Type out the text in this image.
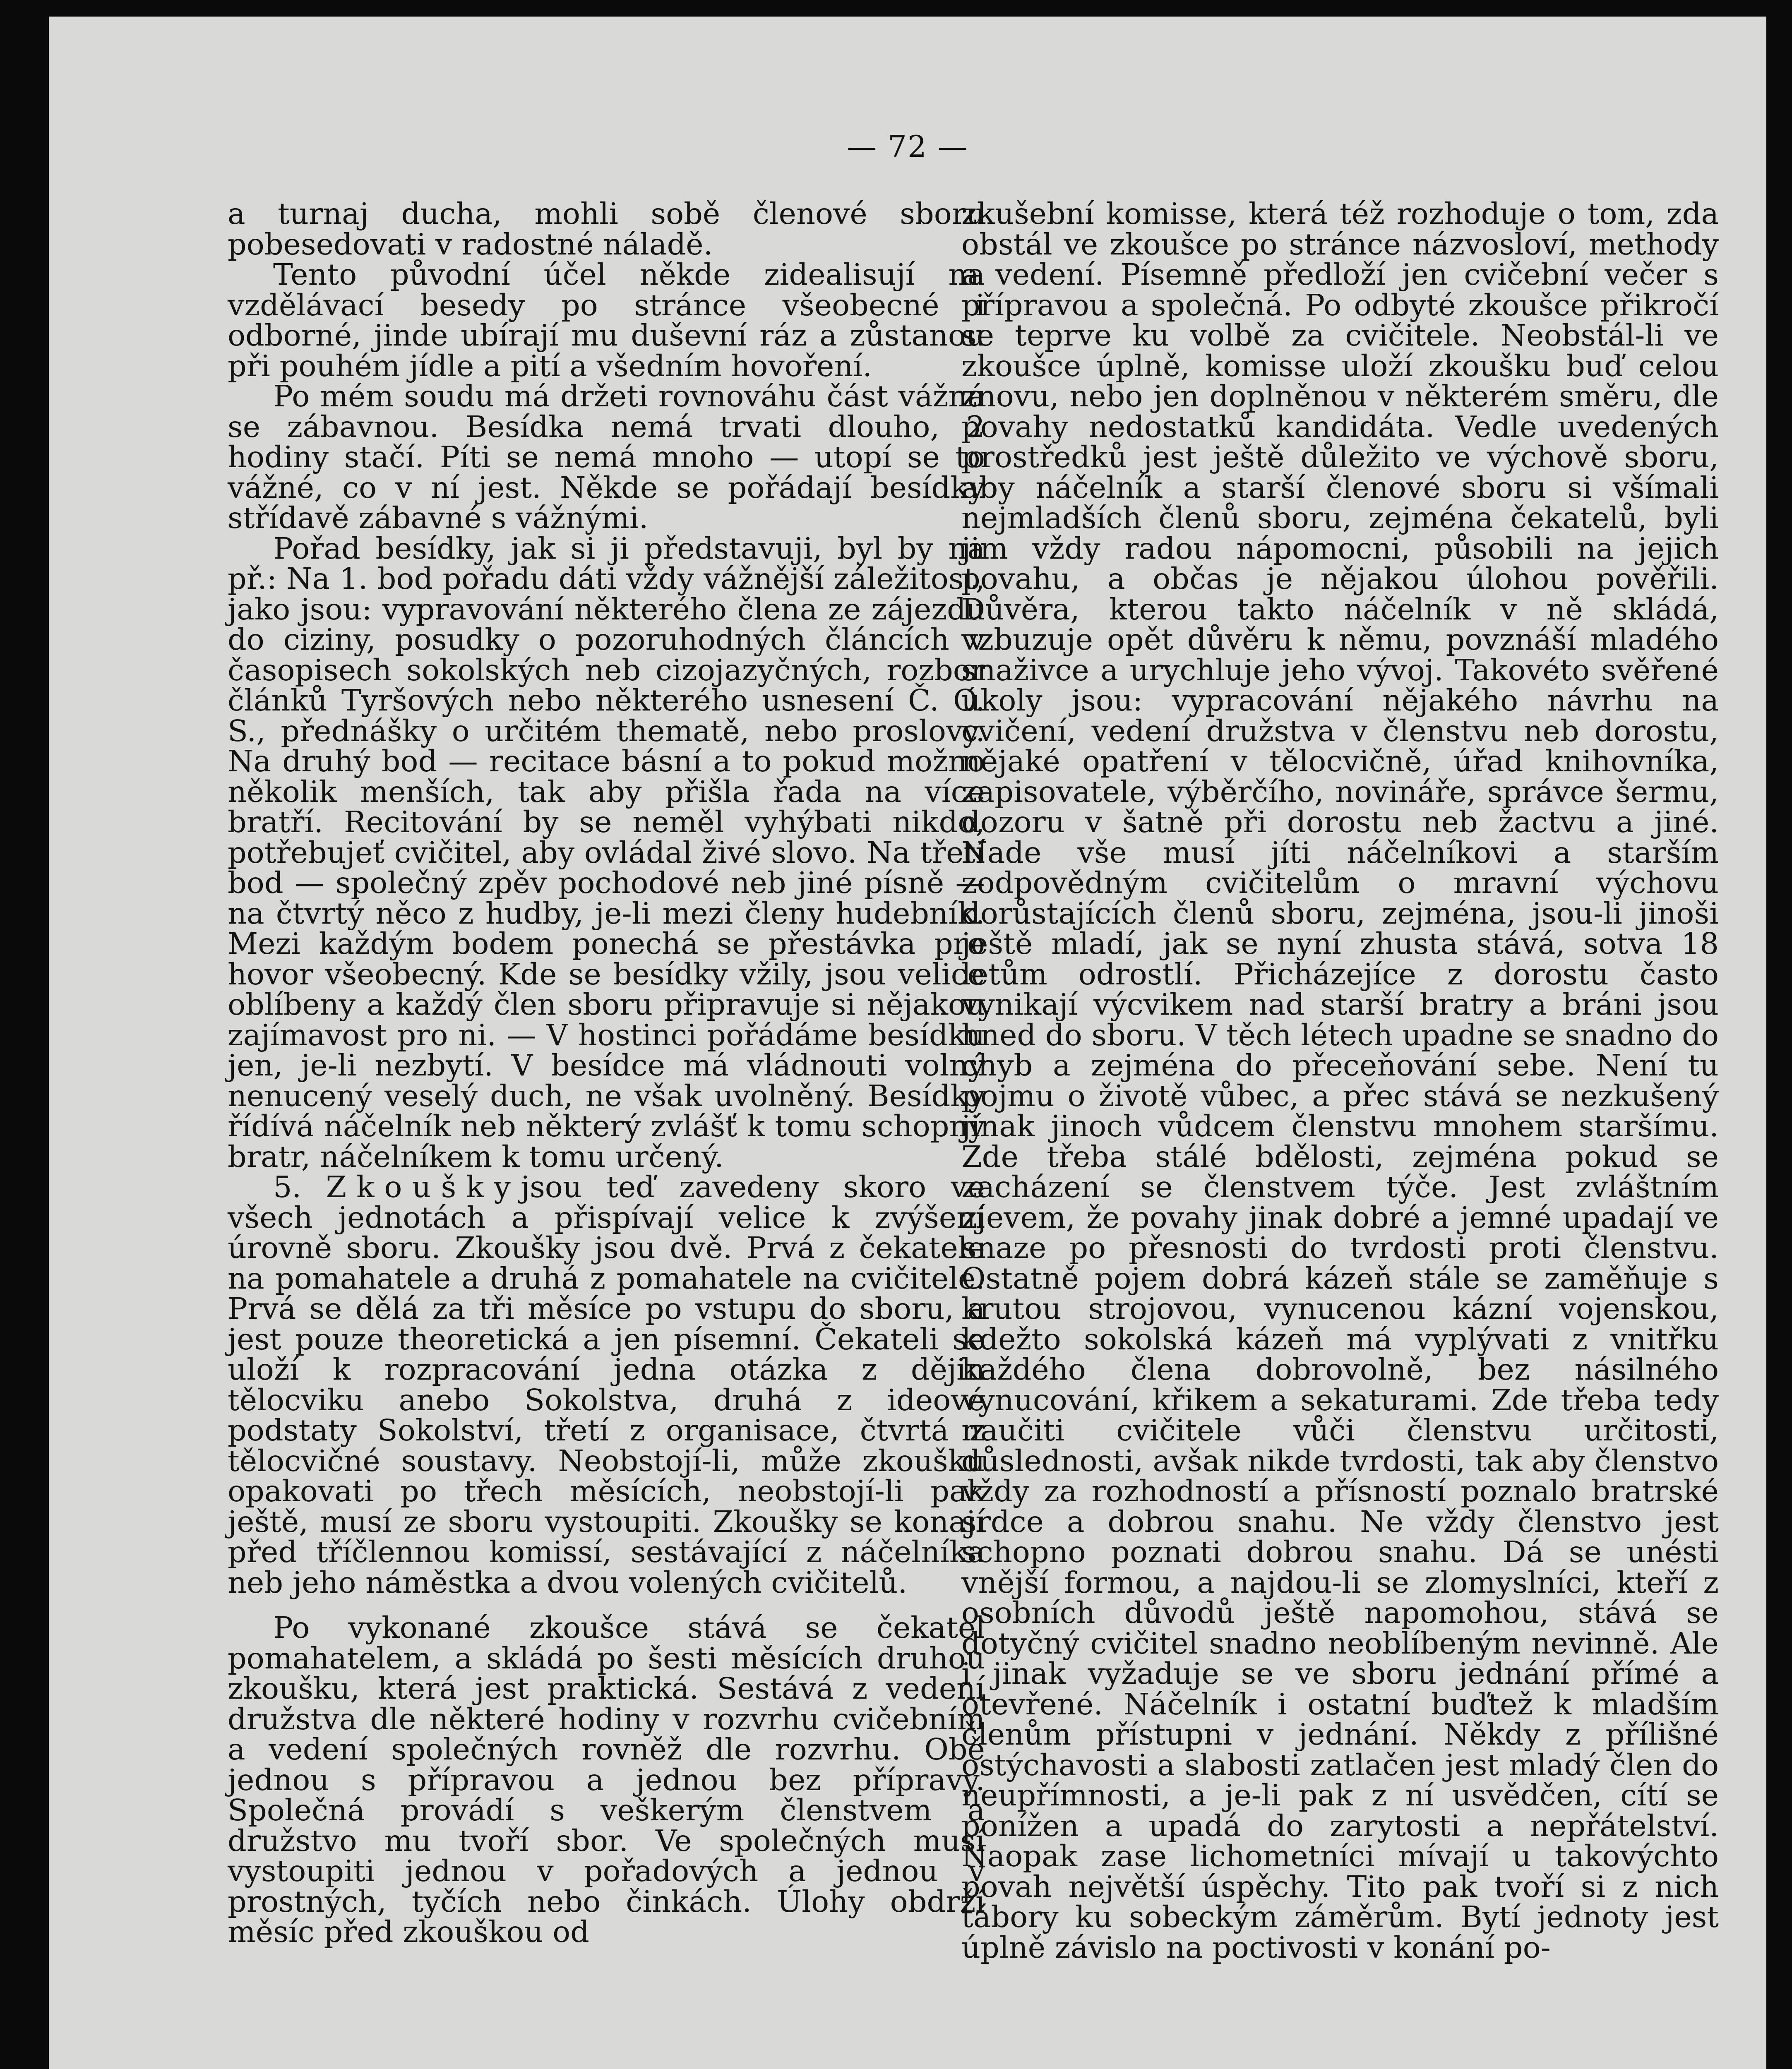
— 72 —

a turnaj ducha, mohli sobě členové sboru pobesedovati v radostné náladě.

Tento původní účel někde zidealisují na vzdělávací besedy po stránce všeobecné i odborné, jinde ubírají mu duševní ráz a zůstanou při pouhém jídle a pití a všedním hovoření.

Po mém soudu má držeti rovnováhu část vážná se zábavnou. Besídka nemá trvati dlouho, 2 hodiny stačí. Píti se nemá mnoho — utopí se to vážné, co v ní jest. Někde se pořádají besídky střídavě zábavné s vážnými.

Pořad besídky, jak si ji představuji, byl by na př.: Na 1. bod pořadu dáti vždy vážnější záležitost, jako jsou: vypravování některého člena ze zájezdu do ciziny, posudky o pozoruhodných článcích v časopisech sokolských neb cizojazyčných, rozbor článků Tyršových nebo některého usnesení Č. O. S., přednášky o určitém thematě, nebo proslovy. Na druhý bod — recitace básní a to pokud možno několik menších, tak aby přišla řada na více bratří. Recitování by se neměl vyhýbati nikdo, potřebujeť cvičitel, aby ovládal živé slovo. Na třetí bod — společný zpěv pochodové neb jiné písně — na čtvrtý něco z hudby, je-li mezi členy hudebník. Mezi každým bodem ponechá se přestávka pro hovor všeobecný. Kde se besídky vžily, jsou velice oblíbeny a každý člen sboru připravuje si nějakou zajímavost pro ni. — V hostinci pořádáme besídku jen, je-li nezbytí. V besídce má vládnouti volný nenucený veselý duch, ne však uvolněný. Besídky řídívá náčelník neb některý zvlášť k tomu schopný bratr, náčelníkem k tomu určený.

5. Zkouškyjsou teď zavedeny skoro ve všech jednotách a přispívají velice k zvýšení úrovně sboru. Zkoušky jsou dvě. Prvá z čekatele na pomahatele a druhá z pomahatele na cvičitele. Prvá se dělá za tři měsíce po vstupu do sboru, a jest pouze theoretická a jen písemní. Čekateli se uloží k rozpracování jedna otázka z dějin tělocviku anebo Sokolstva, druhá z ideové podstaty Sokolství, třetí z organisace, čtvrtá z tělocvičné soustavy. Neobstojí-li, může zkoušku opakovati po třech měsících, neobstojí-li pak ještě, musí ze sboru vystoupiti. Zkoušky se konají před tříčlennou komissí, sestávající z náčelníka neb jeho náměstka a dvou volených cvičitelů.

Po vykonané zkoušce stává se čekatel pomahatelem, a skládá po šesti měsících druhou zkoušku, která jest praktická. Sestává z vedení družstva dle některé hodiny v rozvrhu cvičebním a vedení společných rovněž dle rozvrhu. Obě jednou s přípravou a jednou bez přípravy. Společná provádí s veškerým členstvem a družstvo mu tvoří sbor. Ve společných musí vystoupiti jednou v pořadových a jednou v prostných, tyčích nebo činkách. Úlohy obdrží měsíc před zkouškou od

zkušební komisse, která též rozhoduje o tom, zda obstál ve zkoušce po stránce názvosloví, methody a vedení. Písemně předloží jen cvičební večer s přípravou a společná. Po odbyté zkoušce přikročí se teprve ku volbě za cvičitele. Neobstál-li ve zkoušce úplně, komisse uloží zkoušku buď celou znovu, nebo jen doplněnou v některém směru, dle povahy nedostatků kandidáta. Vedle uvedených prostředků jest ještě důležito ve výchově sboru, aby náčelník a starší členové sboru si všímali nejmladších členů sboru, zejména čekatelů, byli jim vždy radou nápomocni, působili na jejich povahu, a občas je nějakou úlohou pověřili. Důvěra, kterou takto náčelník v ně skládá, vzbuzuje opět důvěru k němu, povznáší mladého snaživce a urychluje jeho vývoj. Takovéto svěřené úkoly jsou: vypracování nějakého návrhu na cvičení, vedení družstva v členstvu neb dorostu, nějaké opatření v tělocvičně, úřad knihovníka, zapisovatele, výběrčího, novináře, správce šermu, dozoru v šatně při dorostu neb žactvu a jiné. Nade vše musí jíti náčelníkovi a starším zodpovědným cvičitelům o mravní výchovu dorůstajících členů sboru, zejména, jsou-li jinoši ještě mladí, jak se nyní zhusta stává, sotva 18 letům odrostlí. Přicházejíce z dorostu často vynikají výcvikem nad starší bratry a bráni jsou hned do sboru. V těch létech upadne se snadno do chyb a zejména do přeceňování sebe. Není tu pojmu o životě vůbec, a přec stává se nezkušený jinak jinoch vůdcem členstvu mnohem staršímu. Zde třeba stálé bdělosti, zejména pokud se zacházení se členstvem týče. Jest zvláštním zjevem, že povahy jinak dobré a jemné upadají ve snaze po přesnosti do tvrdosti proti členstvu. Ostatně pojem dobrá kázeň stále se zaměňuje s krutou strojovou, vynucenou kázní vojenskou, kdežto sokolská kázeň má vyplývati z vnitřku každého člena dobrovolně, bez násilného vynucování, křikem a sekaturami. Zde třeba tedy naučiti cvičitele vůči členstvu určitosti, důslednosti, avšak nikde tvrdosti, tak aby členstvo vždy za rozhodností a přísností poznalo bratrské srdce a dobrou snahu. Ne vždy členstvo jest schopno poznati dobrou snahu. Dá se unésti vnější formou, a najdou-li se zlomyslníci, kteří z osobních důvodů ještě napomohou, stává se dotyčný cvičitel snadno neoblíbeným nevinně. Ale i jinak vyžaduje se ve sboru jednání přímé a otevřené. Náčelník i ostatní buďtež k mladším členům přístupni v jednání. Někdy z přílišné ostýchavosti a slabosti zatlačen jest mladý člen do neupřímnosti, a je-li pak z ní usvědčen, cítí se ponížen a upadá do zarytosti a nepřátelství. Naopak zase lichometníci mívají u takovýchto povah největší úspěchy. Tito pak tvoří si z nich tábory ku sobeckým záměrům. Bytí jednoty jest úplně závislo na poctivosti v konání po-
